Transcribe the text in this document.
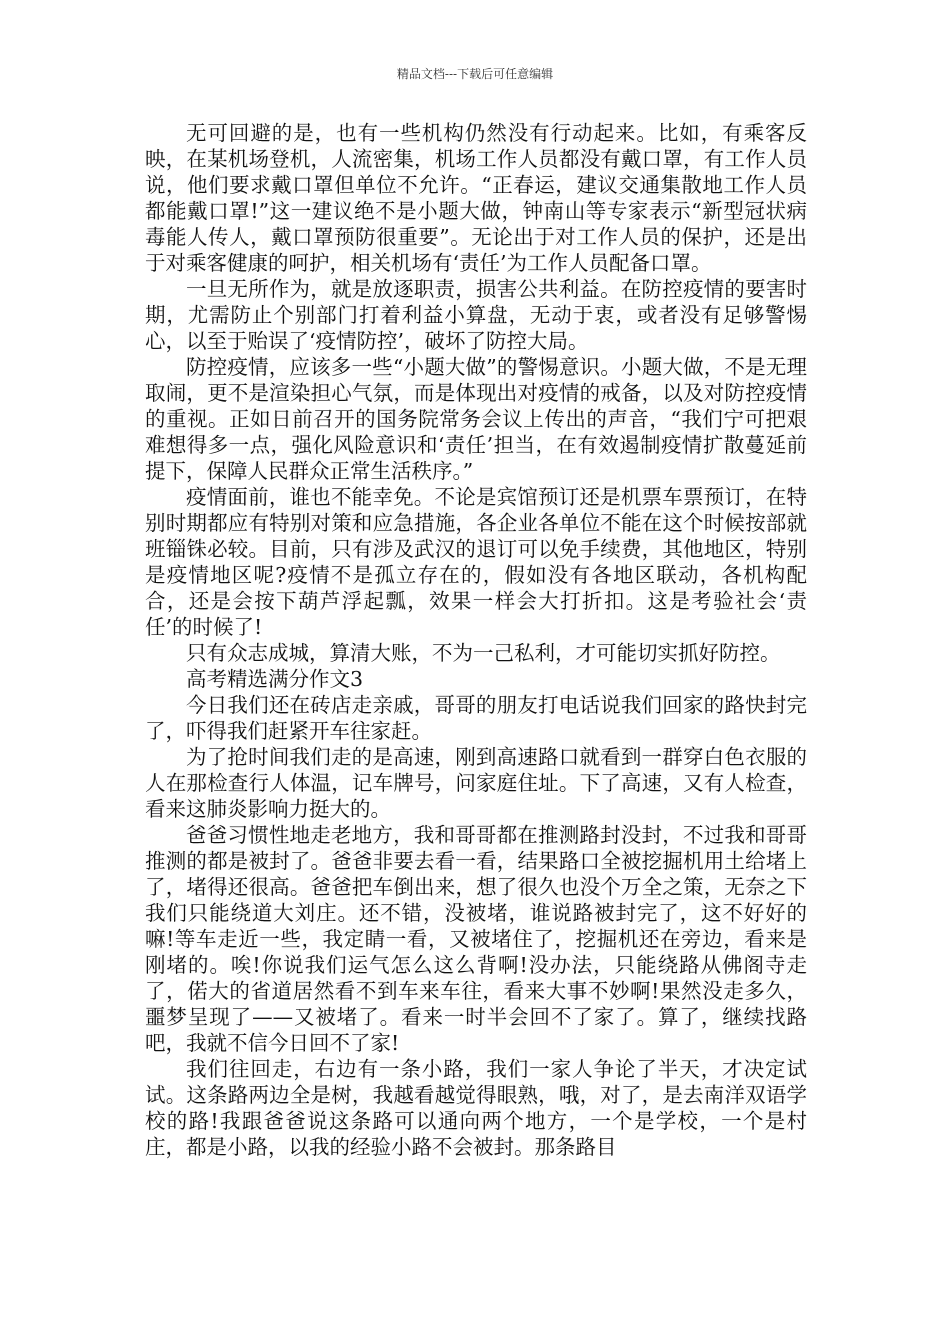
精品文档---下载后可任意编辑

无可回避的是，也有一些机构仍然没有行动起来。比如，有乘客反映，在某机场登机，人流密集，机场工作人员都没有戴口罩，有工作人员说，他们要求戴口罩但单位不允许。“正春运，建议交通集散地工作人员都能戴口罩!”这一建议绝不是小题大做，钟南山等专家表示“新型冠状病毒能人传人，戴口罩预防很重要”。无论出于对工作人员的保护，还是出于对乘客健康的呵护，相关机场有‘责任’为工作人员配备口罩。

一旦无所作为，就是放逐职责，损害公共利益。在防控疫情的要害时期，尤需防止个别部门打着利益小算盘，无动于衷，或者没有足够警惕心，以至于贻误了‘疫情防控’，破坏了防控大局。

防控疫情，应该多一些“小题大做”的警惕意识。小题大做，不是无理取闹，更不是渲染担心气氛，而是体现出对疫情的戒备，以及对防控疫情的重视。正如日前召开的国务院常务会议上传出的声音，“我们宁可把艰难想得多一点，强化风险意识和‘责任’担当，在有效遏制疫情扩散蔓延前提下，保障人民群众正常生活秩序。”

疫情面前，谁也不能幸免。不论是宾馆预订还是机票车票预订，在特别时期都应有特别对策和应急措施，各企业各单位不能在这个时候按部就班锱铢必较。目前，只有涉及武汉的退订可以免手续费，其他地区，特别是疫情地区呢?疫情不是孤立存在的，假如没有各地区联动，各机构配合，还是会按下葫芦浮起瓢，效果一样会大打折扣。这是考验社会‘责任’的时候了!

只有众志成城，算清大账，不为一己私利，才可能切实抓好防控。

高考精选满分作文3

今日我们还在砖店走亲戚，哥哥的朋友打电话说我们回家的路快封完了，吓得我们赶紧开车往家赶。

为了抢时间我们走的是高速，刚到高速路口就看到一群穿白色衣服的人在那检查行人体温，记车牌号，问家庭住址。下了高速，又有人检查，看来这肺炎影响力挺大的。

爸爸习惯性地走老地方，我和哥哥都在推测路封没封，不过我和哥哥推测的都是被封了。爸爸非要去看一看，结果路口全被挖掘机用土给堵上了，堵得还很高。爸爸把车倒出来，想了很久也没个万全之策，无奈之下我们只能绕道大刘庄。还不错，没被堵，谁说路被封完了，这不好好的嘛!等车走近一些，我定睛一看，又被堵住了，挖掘机还在旁边，看来是刚堵的。唉!你说我们运气怎么这么背啊!没办法，只能绕路从佛阁寺走了，偌大的省道居然看不到车来车往，看来大事不妙啊!果然没走多久，噩梦呈现了——又被堵了。看来一时半会回不了家了。算了，继续找路吧，我就不信今日回不了家!

我们往回走，右边有一条小路，我们一家人争论了半天，才决定试试。这条路两边全是树，我越看越觉得眼熟，哦，对了，是去南洋双语学校的路!我跟爸爸说这条路可以通向两个地方，一个是学校，一个是村庄，都是小路，以我的经验小路不会被封。那条路目
